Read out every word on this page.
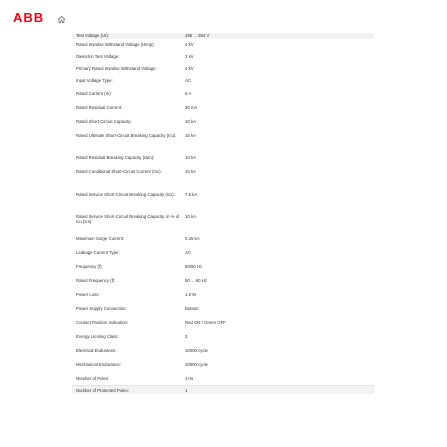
ABB
Test Voltage (Ut):	195 ... 264 V
Rated Impulse Withstand Voltage (Uimp):	4 kV
Dielectric Test Voltage:	2 kV
Primary Rated Impulse Withstand Voltage:	4 kV
Input Voltage Type:	AC
Rated Current (In):	6 A
Rated Residual Current:	30 mA
Rated Short-Circuit Capacity:	10 kA
Rated Ultimate Short-Circuit Breaking Capacity (Icu):	15 kA
Rated Residual Breaking Capacity (IΔm):	10 kA
Rated Conditional Short-Circuit Current (Inc):	10 kA
Rated Service Short-Circuit Breaking Capacity (Ics):	7.5 kA
Rated Service Short-Circuit Breaking Capacity, in % of Icu (Ics):
10 kA
Maximum Surge Current:	0.25 kA
Leakage Current Type:	AC
Frequency (f):	50/60 Hz
Rated Frequency (f):	50 ... 60 Hz
Power Loss:	1.8 W
Power Supply Connection:	Bottom
Contact Position Indication:	Red ON / Green OFF
Energy Limiting Class:	3
Electrical Endurance:	10000 cycle
Mechanical Endurance:	20000 cycle
Number of Poles:	1+N
Number of Protected Poles:	1
